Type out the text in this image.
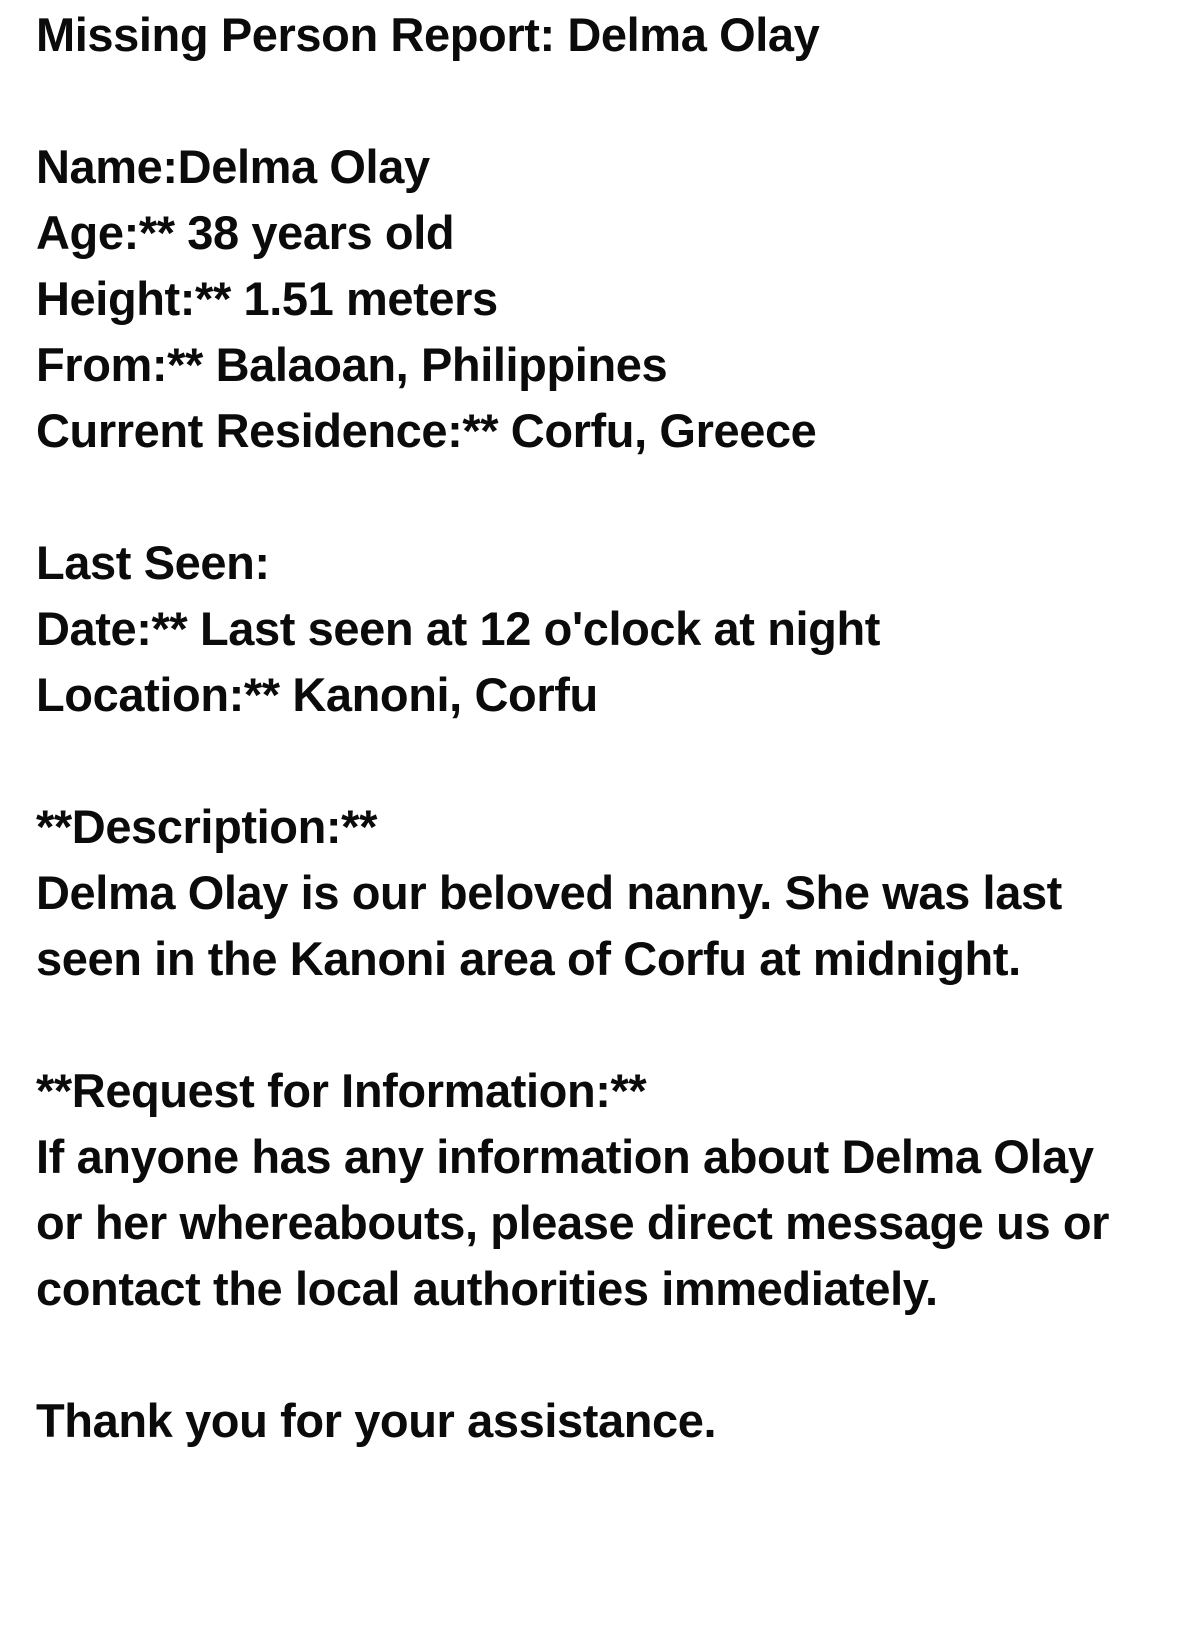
Missing Person Report: Delma Olay
Name:Delma Olay
Age:** 38 years old
Height:** 1.51 meters
From:** Balaoan, Philippines
Current Residence:** Corfu, Greece
Last Seen:
Date:** Last seen at 12 o'clock at night
Location:** Kanoni, Corfu
**Description:**
Delma Olay is our beloved nanny. She was last seen in the Kanoni area of Corfu at midnight.
**Request for Information:**
If anyone has any information about Delma Olay or her whereabouts, please direct message us or contact the local authorities immediately.
Thank you for your assistance.
